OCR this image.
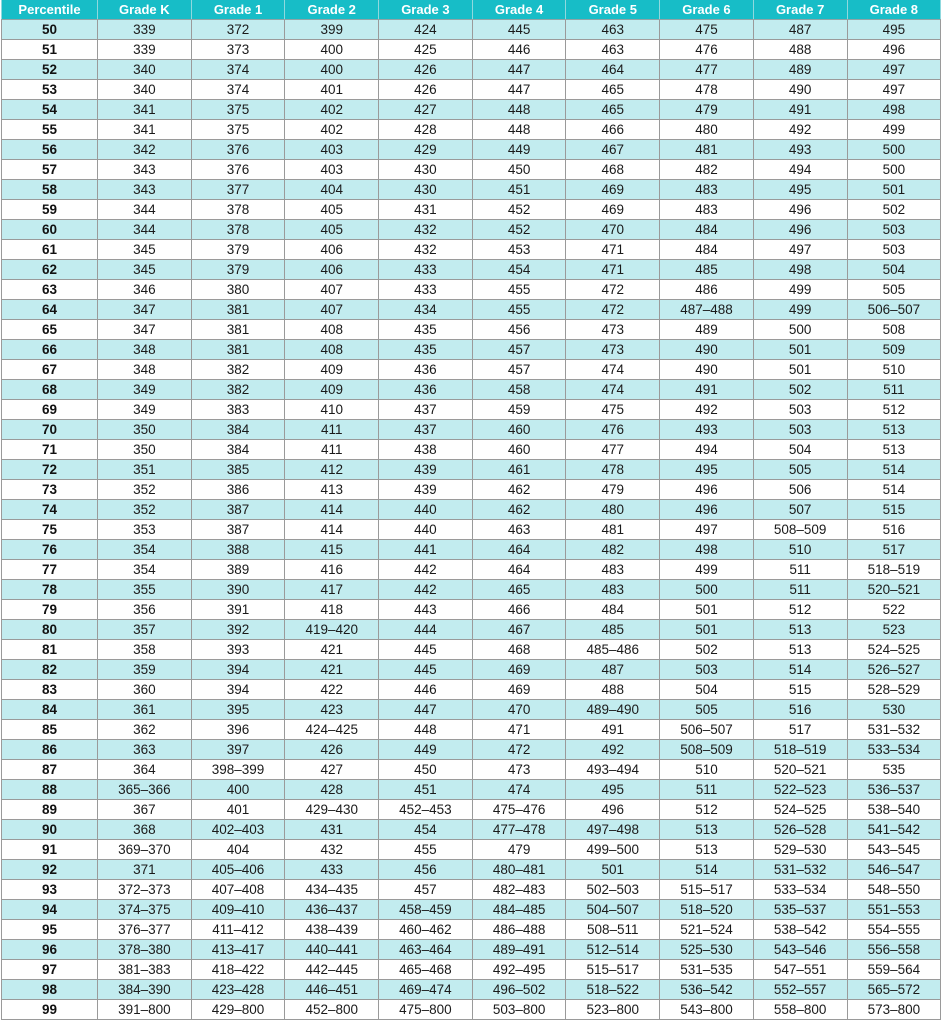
Percentile	Grade K	Grade 1	Grade 2	Grade 3	Grade 4	Grade 5	Grade 6	Grade 7	Grade 8
50	339	372	399	424	445	463	475	487	495
51	339	373	400	425	446	463	476	488	496
52	340	374	400	426	447	464	477	489	497
53	340	374	401	426	447	465	478	490	497
54	341	375	402	427	448	465	479	491	498
55	341	375	402	428	448	466	480	492	499
56	342	376	403	429	449	467	481	493	500
57	343	376	403	430	450	468	482	494	500
58	343	377	404	430	451	469	483	495	501
59	344	378	405	431	452	469	483	496	502
60	344	378	405	432	452	470	484	496	503
61	345	379	406	432	453	471	484	497	503
62	345	379	406	433	454	471	485	498	504
63	346	380	407	433	455	472	486	499	505
64	347	381	407	434	455	472	487–488	499	506–507
65	347	381	408	435	456	473	489	500	508
66	348	381	408	435	457	473	490	501	509
67	348	382	409	436	457	474	490	501	510
68	349	382	409	436	458	474	491	502	511
69	349	383	410	437	459	475	492	503	512
70	350	384	411	437	460	476	493	503	513
71	350	384	411	438	460	477	494	504	513
72	351	385	412	439	461	478	495	505	514
73	352	386	413	439	462	479	496	506	514
74	352	387	414	440	462	480	496	507	515
75	353	387	414	440	463	481	497	508–509	516
76	354	388	415	441	464	482	498	510	517
77	354	389	416	442	464	483	499	511	518–519
78	355	390	417	442	465	483	500	511	520–521
79	356	391	418	443	466	484	501	512	522
80	357	392	419–420	444	467	485	501	513	523
81	358	393	421	445	468	485–486	502	513	524–525
82	359	394	421	445	469	487	503	514	526–527
83	360	394	422	446	469	488	504	515	528–529
84	361	395	423	447	470	489–490	505	516	530
85	362	396	424–425	448	471	491	506–507	517	531–532
86	363	397	426	449	472	492	508–509	518–519	533–534
87	364	398–399	427	450	473	493–494	510	520–521	535
88	365–366	400	428	451	474	495	511	522–523	536–537
89	367	401	429–430	452–453	475–476	496	512	524–525	538–540
90	368	402–403	431	454	477–478	497–498	513	526–528	541–542
91	369–370	404	432	455	479	499–500	513	529–530	543–545
92	371	405–406	433	456	480–481	501	514	531–532	546–547
93	372–373	407–408	434–435	457	482–483	502–503	515–517	533–534	548–550
94	374–375	409–410	436–437	458–459	484–485	504–507	518–520	535–537	551–553
95	376–377	411–412	438–439	460–462	486–488	508–511	521–524	538–542	554–555
96	378–380	413–417	440–441	463–464	489–491	512–514	525–530	543–546	556–558
97	381–383	418–422	442–445	465–468	492–495	515–517	531–535	547–551	559–564
98	384–390	423–428	446–451	469–474	496–502	518–522	536–542	552–557	565–572
99	391–800	429–800	452–800	475–800	503–800	523–800	543–800	558–800	573–800
